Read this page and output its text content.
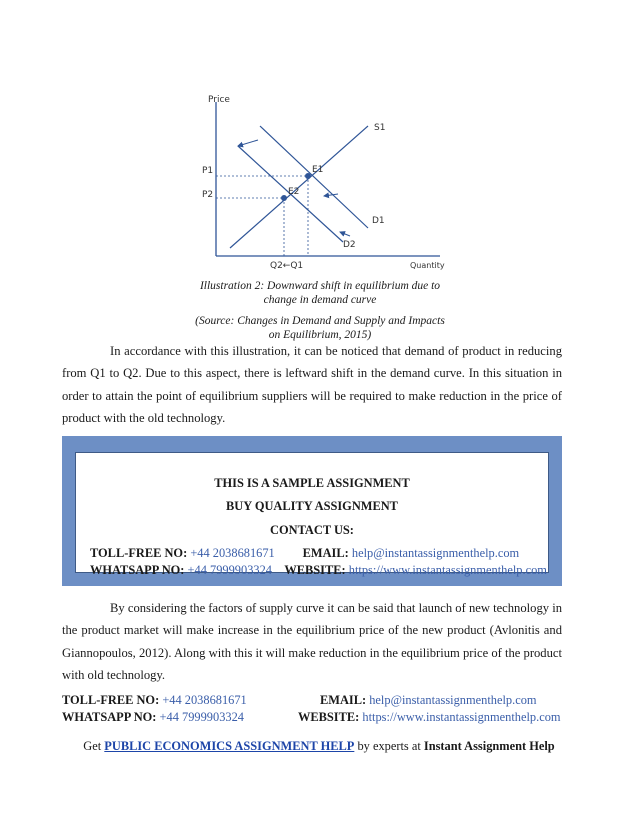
Price
Quantity
S1
D1
D2
E1
E2
P1
P2
Q2←Q1
Illustration 2: Downward shift in equilibrium due to
change in demand curve
(Source: Changes in Demand and Supply and Impacts
on Equilibrium, 2015)
In accordance with this illustration, it can be noticed that demand of product in reducing from Q1 to Q2. Due to this aspect, there is leftward shift in the demand curve. In this situation in order to attain the point of equilibrium suppliers will be required to make reduction in the price of product with the old technology.
THIS IS A SAMPLE ASSIGNMENT
BUY QUALITY ASSIGNMENT
CONTACT US:
TOLL-FREE NO: +44 2038681671 EMAIL: help@instantassignmenthelp.com
WHATSAPP NO: +44 7999903324 WEBSITE: https://www.instantassignmenthelp.com
By considering the factors of supply curve it can be said that launch of new technology in the product market will make increase in the equilibrium price of the new product (Avlonitis and Giannopoulos, 2012). Along with this it will make reduction in the equilibrium price of the product with old technology.
TOLL-FREE NO: +44 2038681671	EMAIL: help@instantassignmenthelp.com
WHATSAPP NO: +44 7999903324	WEBSITE: https://www.instantassignmenthelp.com
Get PUBLIC ECONOMICS ASSIGNMENT HELP by experts at Instant Assignment Help
